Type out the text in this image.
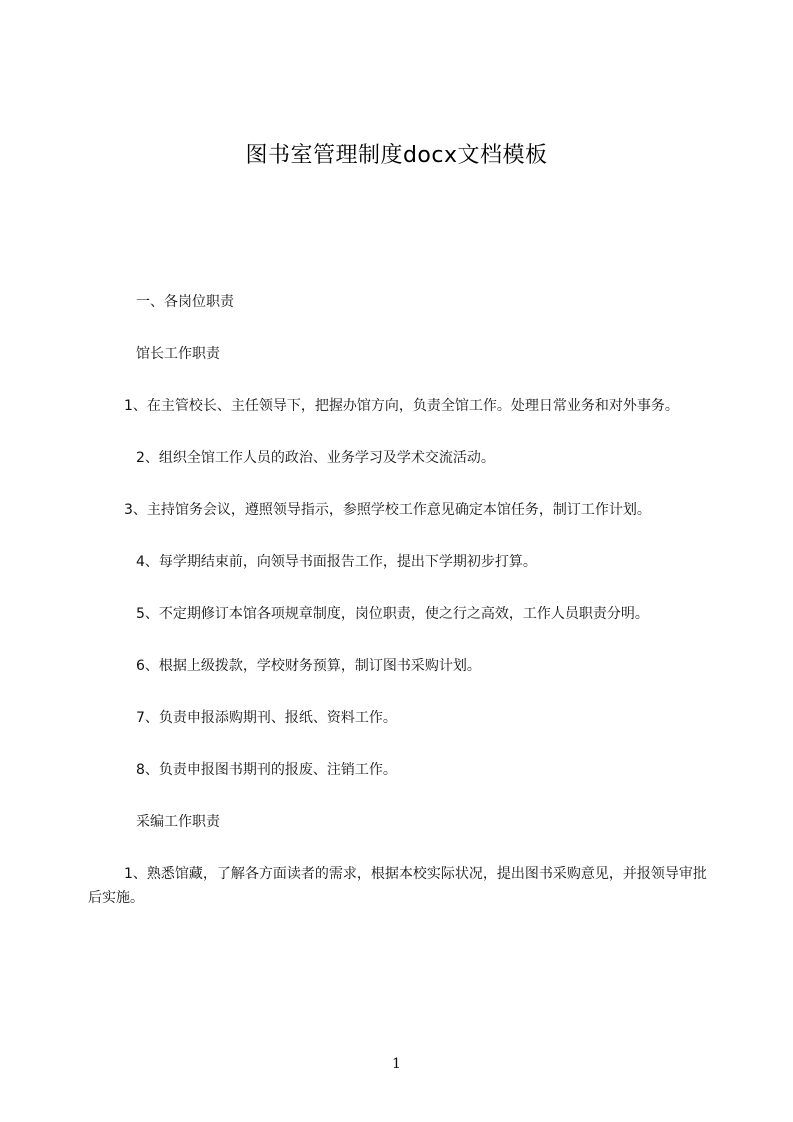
图书室管理制度docx文档模板

一、各岗位职责

馆长工作职责

1、在主管校长、主任领导下，把握办馆方向，负责全馆工作。处理日常业务和对外事务。

2、组织全馆工作人员的政治、业务学习及学术交流活动。

3、主持馆务会议，遵照领导指示，参照学校工作意见确定本馆任务，制订工作计划。

4、每学期结束前，向领导书面报告工作，提出下学期初步打算。

5、不定期修订本馆各项规章制度，岗位职责，使之行之高效，工作人员职责分明。

6、根据上级拨款，学校财务预算，制订图书采购计划。

7、负责申报添购期刊、报纸、资料工作。

8、负责申报图书期刊的报废、注销工作。

采编工作职责

1、熟悉馆藏，了解各方面读者的需求，根据本校实际状况，提出图书采购意见，并报领导审批后实施。

1
